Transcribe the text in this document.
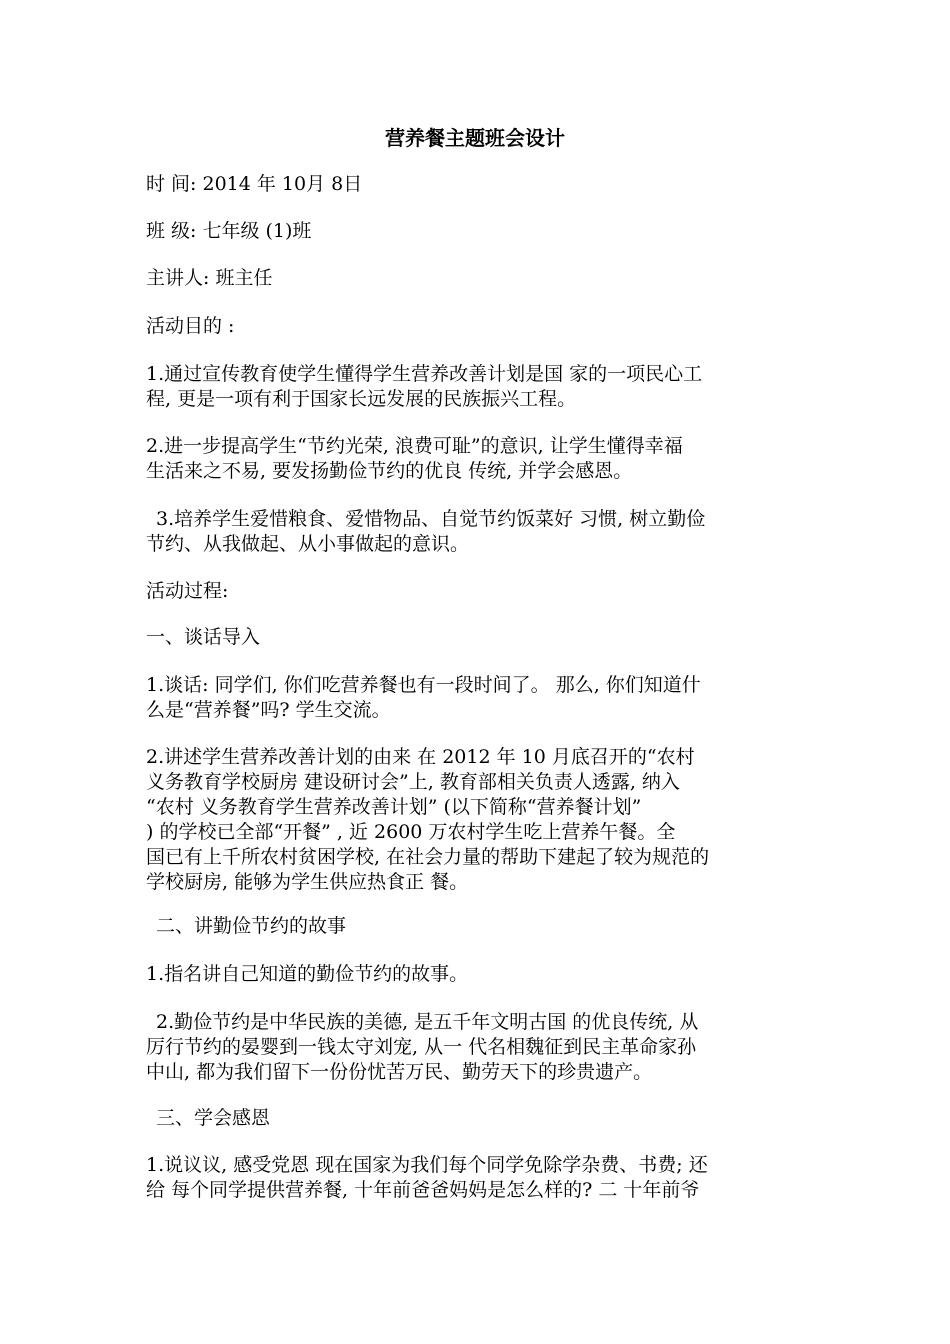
营养餐主题班会设计

时 间: 2014 年 10月 8日

班 级: 七年级 (1)班

主讲人: 班主任

活动目的 :

1.通过宣传教育使学生懂得学生营养改善计划是国 家的一项民心工
程, 更是一项有利于国家长远发展的民族振兴工程。

2.进一步提高学生“节约光荣, 浪费可耻”的意识, 让学生懂得幸福
生活来之不易, 要发扬勤俭节约的优良 传统, 并学会感恩。

3.培养学生爱惜粮食、爱惜物品、自觉节约饭菜好 习惯, 树立勤俭
节约、从我做起、从小事做起的意识。

活动过程:

一、谈话导入

1.谈话: 同学们, 你们吃营养餐也有一段时间了。 那么, 你们知道什
么是“营养餐”吗? 学生交流。

2.讲述学生营养改善计划的由来 在 2012 年 10 月底召开的“农村
义务教育学校厨房 建设研讨会”上, 教育部相关负责人透露, 纳入
“农村 义务教育学生营养改善计划” (以下简称“营养餐计划”
) 的学校已全部“开餐” , 近 2600 万农村学生吃上营养午餐。全
国已有上千所农村贫困学校, 在社会力量的帮助下建起了较为规范的
学校厨房, 能够为学生供应热食正 餐。

二、讲勤俭节约的故事

1.指名讲自己知道的勤俭节约的故事。

2.勤俭节约是中华民族的美德, 是五千年文明古国 的优良传统, 从
厉行节约的晏婴到一钱太守刘宠, 从一 代名相魏征到民主革命家孙
中山, 都为我们留下一份份忧苦万民、勤劳天下的珍贵遗产。

三、学会感恩

1.说议议, 感受党恩 现在国家为我们每个同学免除学杂费、书费; 还
给 每个同学提供营养餐, 十年前爸爸妈妈是怎么样的? 二 十年前爷
